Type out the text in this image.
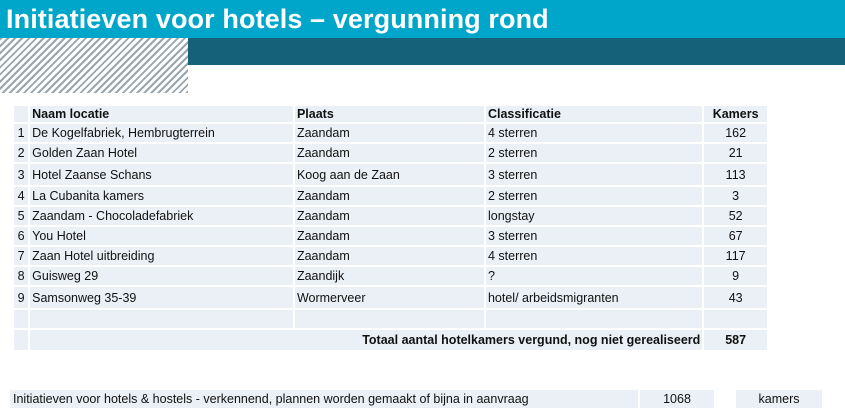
Initiatieven voor hotels – vergunning rond
	Naam locatie	Plaats	Classificatie	Kamers
1	De Kogelfabriek, Hembrugterrein	Zaandam	4 sterren	162
2	Golden Zaan Hotel	Zaandam	2 sterren	21
3	Hotel Zaanse Schans	Koog aan de Zaan	3 sterren	113
4	La Cubanita kamers	Zaandam	2 sterren	3
5	Zaandam - Chocoladefabriek	Zaandam	longstay	52
6	You Hotel	Zaandam	3 sterren	67
7	Zaan Hotel uitbreiding	Zaandam	4 sterren	117
8	Guisweg 29	Zaandijk	?	9
9	Samsonweg 35-39	Wormerveer	hotel/ arbeidsmigranten	43

	Totaal aantal hotelkamers vergund, nog niet gerealiseerd			587
Initiatieven voor hotels & hostels - verkennend, plannen worden gemaakt of bijna in aanvraag	1068	kamers
